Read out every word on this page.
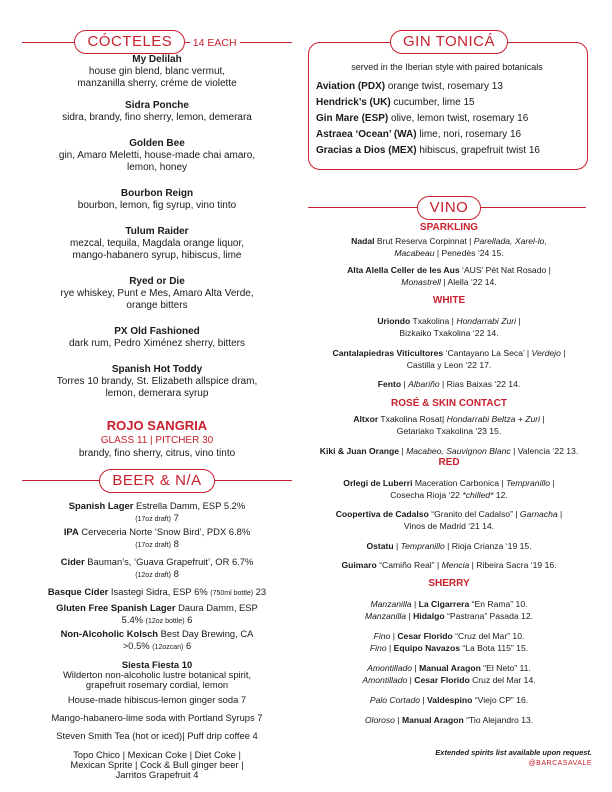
CÓCTELES 14 EACH
My Delilah
house gin blend, blanc vermut,
manzanilla sherry, créme de violette
Sidra Ponche
sidra, brandy, fino sherry, lemon, demerara
Golden Bee
gin, Amaro Meletti, house-made chai amaro,
lemon, honey
Bourbon Reign
bourbon, lemon, fig syrup, vino tinto
Tulum Raider
mezcal, tequila, Magdala orange liquor,
mango-habanero syrup, hibiscus, lime
Ryed or Die
rye whiskey, Punt e Mes, Amaro Alta Verde,
orange bitters
PX Old Fashioned
dark rum, Pedro Ximénez sherry, bitters
Spanish Hot Toddy
Torres 10 brandy, St. Elizabeth allspice dram,
lemon, demerara syrup
ROJO SANGRIA
GLASS 11 | PITCHER 30
brandy, fino sherry, citrus, vino tinto
BEER & N/A
Spanish Lager Estrella Damm, ESP 5.2%
(17oz draft) 7
IPA Cerveceria Norte ‘Snow Bird’, PDX 6.8%
(17oz draft) 8
Cider Bauman’s, ‘Guava Grapefruit’, OR 6.7%
(12oz draft) 8
Basque Cider Isastegi Sidra, ESP 6% (750ml bottle) 23
Gluten Free Spanish Lager Daura Damm, ESP
5.4% (12oz bottle) 6
Non-Alcoholic Kolsch Best Day Brewing, CA
>0.5% (12ozcan) 6
Siesta Fiesta 10
Wilderton non-alcoholic lustre botanical spirit,
grapefruit rosemary cordial, lemon
House-made hibiscus-lemon ginger soda 7
Mango-habanero-lime soda with Portland Syrups 7
Steven Smith Tea (hot or iced)| Puff drip coffee 4
Topo Chico | Mexican Coke | Diet Coke |
Mexican Sprite | Cock & Bull ginger beer |
Jarritos Grapefruit 4
GIN TONICÁ
served in the Iberian style with paired botanicals
Aviation (PDX) orange twist, rosemary 13
Hendrick’s (UK) cucumber, lime 15
Gin Mare (ESP) olive, lemon twist, rosemary 16
Astraea ‘Ocean’ (WA) lime, nori, rosemary 16
Gracias a Dios (MEX) hibiscus, grapefruit twist 16
VINO
SPARKLING
Nadal Brut Reserva Corpinnat | Parellada, Xarel-lo,
Macabeau | Penedès ‘24 15.
Alta Alella Celler de les Aus ‘AUS’ Pét Nat Rosado |
Monastrell | Alella ‘22 14.
WHITE
Uriondo Txakolina | Hondarrabi Zuri |
Bizkaiko Txakolina ‘22 14.
Cantalapiedras Viticultores ‘Cantayano La Seca’ | Verdejo |
Castilla y Leon ‘22 17.
Fento | Albariño | Rias Baixas ‘22 14.
ROSÉ & SKIN CONTACT
Altxor Txakolina Rosat| Hondarrabi Beltza + Zuri |
Getariako Txakolina ‘23 15.
Kiki & Juan Orange | Macabeo, Sauvignon Blanc | Valencia ‘22 13.
RED
Orlegi de Luberri Maceration Carbonica | Tempranillo |
Cosecha Rioja ‘22 *chilled* 12.
Coopertiva de Cadalso “Granito del Cadalso” | Garnacha |
Vinos de Madrid ‘21 14.
Ostatu | Tempranillo | Rioja Crianza ‘19 15.
Guimaro “Camiño Real” | Mencia | Ribeira Sacra ‘19 16.
SHERRY
Manzanilla | La Cigarrera “En Rama” 10.
Manzanilla | Hidalgo “Pastrana” Pasada 12.
Fino | Cesar Florido “Cruz del Mar” 10.
Fino | Equipo Navazos “La Bota 115” 15.
Amontillado | Manual Aragon “El Neto” 11.
Amontillado | Cesar Florido Cruz del Mar 14.
Palo Cortado | Valdespino “Viejo CP” 16.
Oloroso | Manual Aragon “Tio Alejandro 13.
Extended spirits list available upon request.
@BARCASAVALE
